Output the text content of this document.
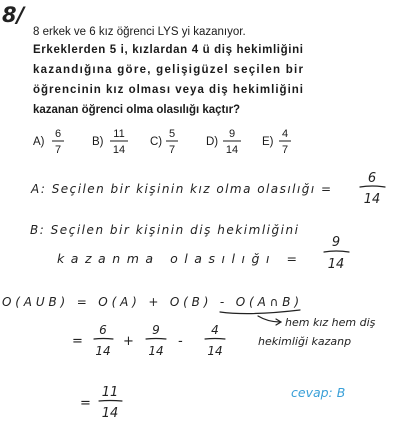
8/
8 erkek ve 6 kız öğrenci LYS yi kazanıyor.
Erkeklerden 5 i, kızlardan 4 ü diş hekimliğini
kazandığına göre, gelişigüzel seçilen bir
öğrencinin kız olması veya diş hekimliğini
kazanan öğrenci olma olasılığı kaçtır?
A)
6
7
B)
11
14
C)
5
7
D)
9
14
E)
4
7
A: Seçilen bir kişinin kız olma olasılığı =
6
14
B: Seçilen bir kişinin diş hekimliğini
kazanma olasılığı =
9
14
O(AUB) = O(A) + O(B) - O(A∩B)
hem kız hem diş
hekimliği kazanp
=
6
14
+
9
14
-
4
14
=
11
14
cevap: B
